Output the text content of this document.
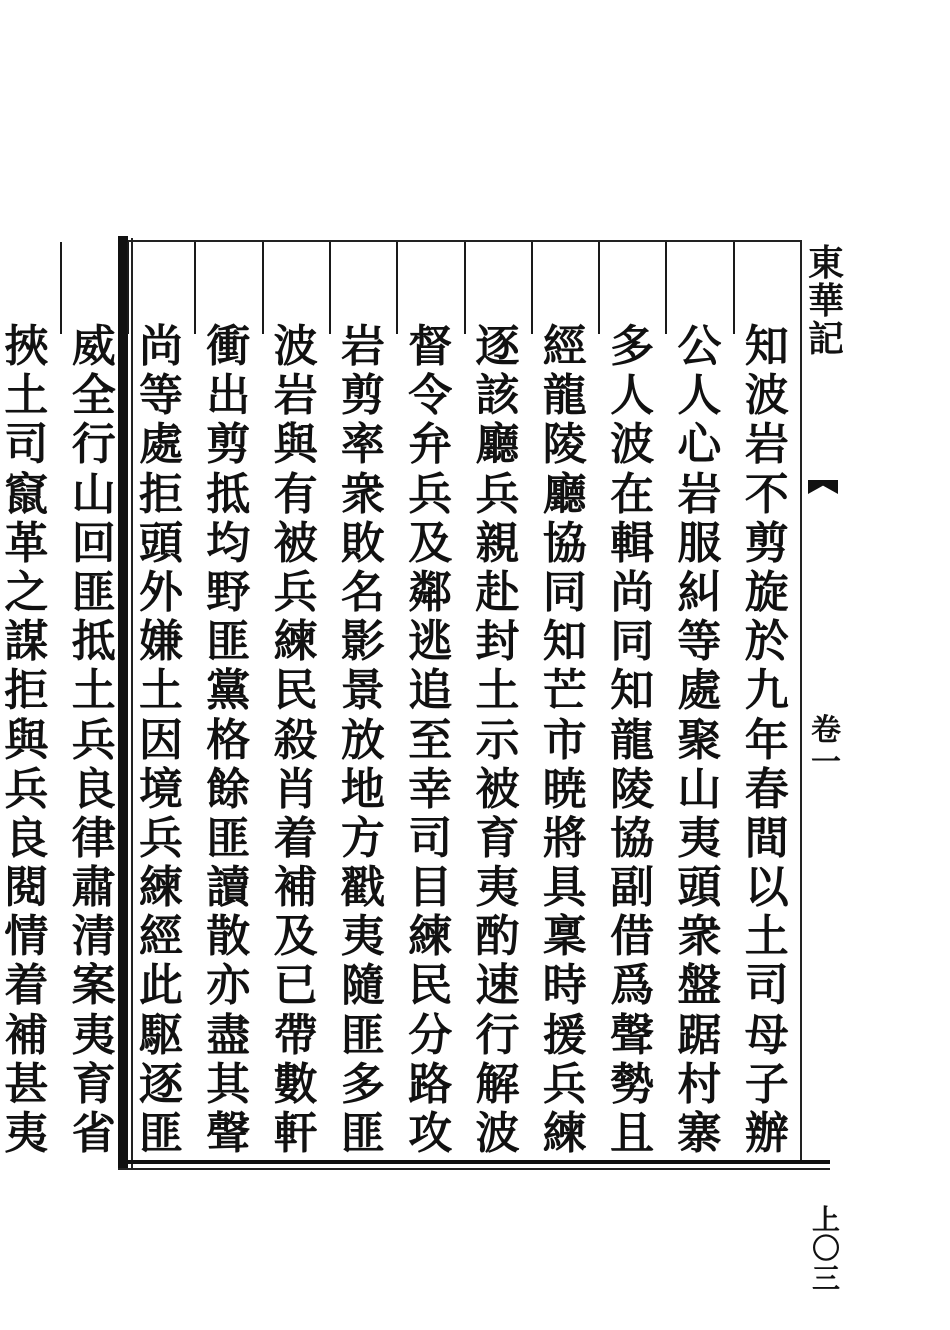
知
波
岩
不
剪
旋
於
九
年
春
間
以
土
司
母
子
辦
公
人
心
岩
服
糾
等
處
聚
山
夷
頭
衆
盤
踞
村
寨
多
人
波
在
輯
尚
同
知
龍
陵
協
副
借
爲
聲
勢
且
經
龍
陵
廳
協
同
知
芒
市
暁
將
具
稟
時
援
兵
練
逐
該
廳
兵
親
赴
封
土
示
被
育
夷
酌
速
行
解
波
督
令
弁
兵
及
鄰
逃
追
至
幸
司
目
練
民
分
路
攻
岩
剪
率
衆
敗
名
影
景
放
地
方
戳
夷
隨
匪
多
匪
波
岩
與
有
被
兵
練
民
殺
肖
着
補
及
已
帶
數
軒
衝
出
剪
抵
均
野
匪
黨
格
餘
匪
讀
散
亦
盡
其
聲
尚
等
處
拒
頭
外
嫌
土
因
境
兵
練
經
此
駆
逐
匪
威
全
行
山
回
匪
抵
土
兵
良
律
肅
清
案
夷
育
省
挾
土
司
竄
革
之
謀
拒
與
兵
良
閱
情
着
補
甚
夷
東
華
記
卷
一
上
〇
三
